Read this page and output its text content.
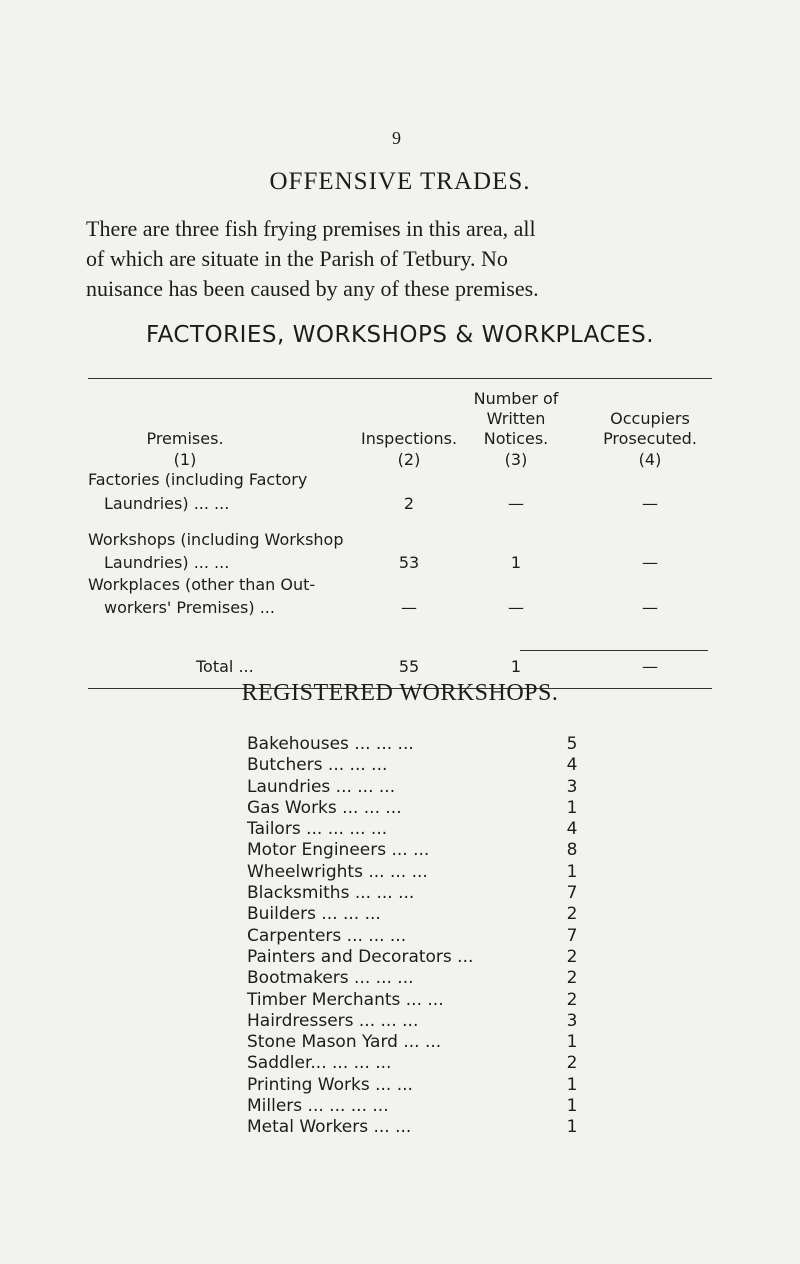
9
OFFENSIVE TRADES.
There are three fish frying premises in this area, all
of which are situate in the Parish of Tetbury. No
nuisance has been caused by any of these premises.
FACTORIES, WORKSHOPS & WORKPLACES.
Number of
Written	Occupiers
Premises.	Inspections.	Notices.	Prosecuted.
(1)	(2)	(3)	(4)
Factories (including Factory
Laundries) ... ...	2	—	—
Workshops (including Workshop
Laundries) ... ...	53	1	—
Workplaces (other than Out-
workers' Premises) ...	—	—	—
Total ...	55	1	—
REGISTERED WORKSHOPS.
Bakehouses ... ... ...	5
Butchers ... ... ...	4
Laundries ... ... ...	3
Gas Works ... ... ...	1
Tailors ... ... ... ...	4
Motor Engineers ... ...	8
Wheelwrights ... ... ...	1
Blacksmiths ... ... ...	7
Builders ... ... ...	2
Carpenters ... ... ...	7
Painters and Decorators ...	2
Bootmakers ... ... ...	2
Timber Merchants ... ...	2
Hairdressers ... ... ...	3
Stone Mason Yard ... ...	1
Saddler... ... ... ...	2
Printing Works ... ...	1
Millers ... ... ... ...	1
Metal Workers ... ...	1
